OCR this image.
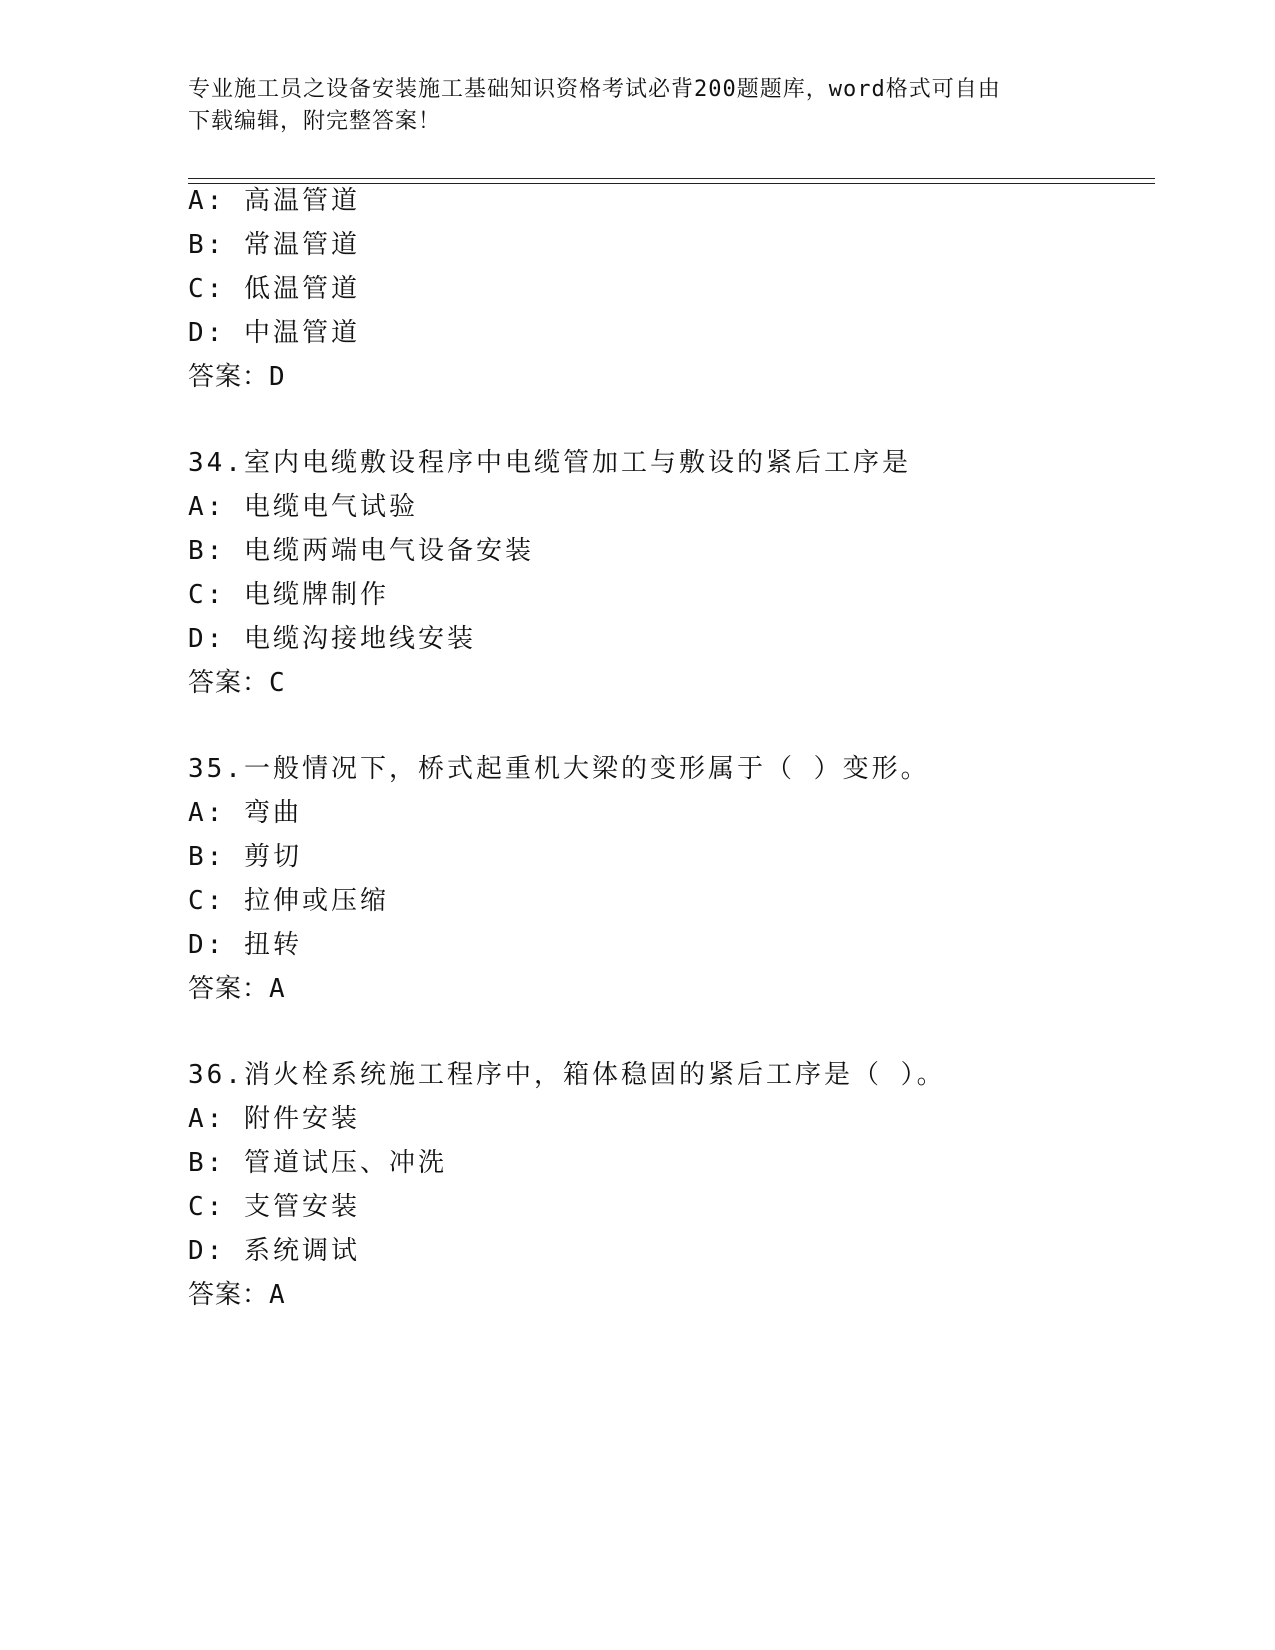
专业施工员之设备安装施工基础知识资格考试必背200题题库，word格式可自由
下载编辑，附完整答案！
A: 高温管道
B: 常温管道
C: 低温管道
D: 中温管道
答案：D
34.室内电缆敷设程序中电缆管加工与敷设的紧后工序是
A: 电缆电气试验
B: 电缆两端电气设备安装
C: 电缆牌制作
D: 电缆沟接地线安装
答案：C
35.一般情况下，桥式起重机大梁的变形属于（ ）变形。
A: 弯曲
B: 剪切
C: 拉伸或压缩
D: 扭转
答案：A
36.消火栓系统施工程序中，箱体稳固的紧后工序是（ ）。
A: 附件安装
B: 管道试压、冲洗
C: 支管安装
D: 系统调试
答案：A
